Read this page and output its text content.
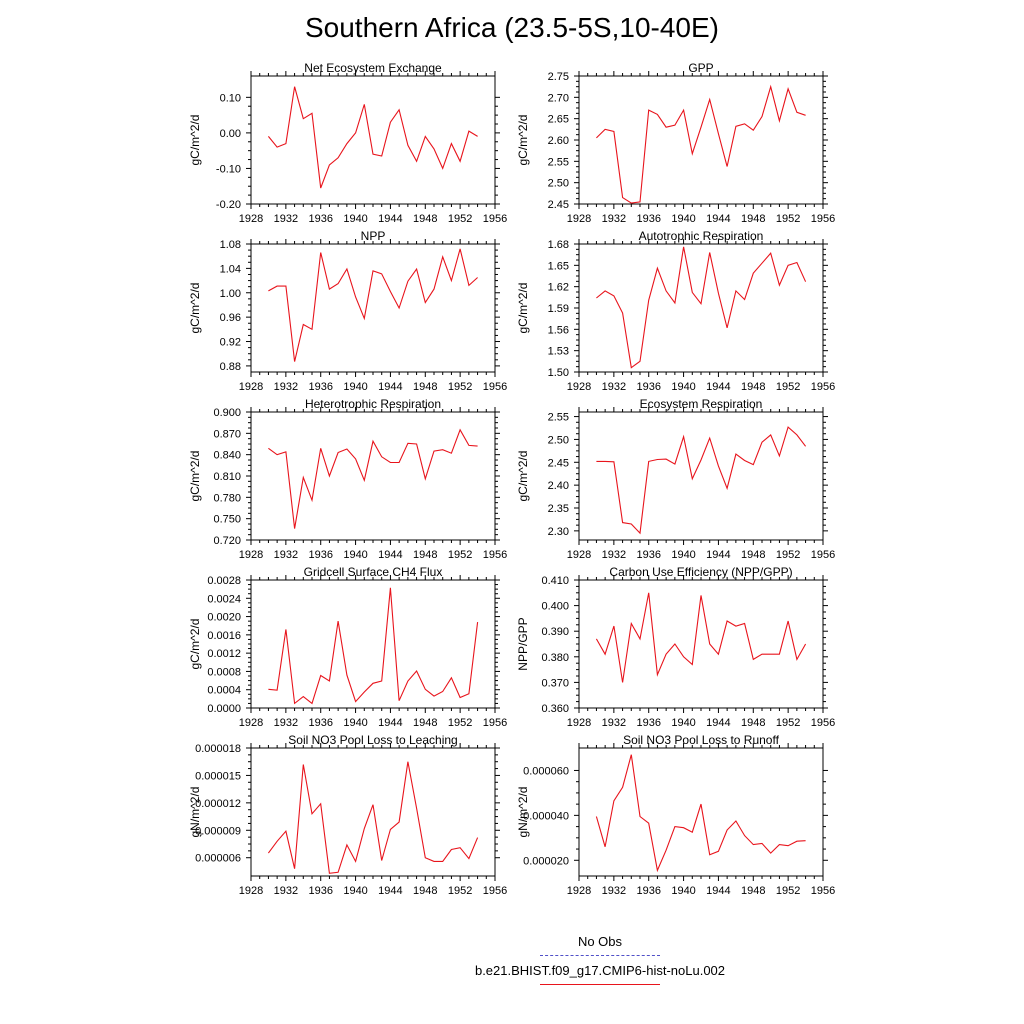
Southern Africa (23.5-5S,10-40E)
1928 1932 1936 1940 1944 1948 1952 1956
-0.20
-0.10
0.00
0.10
Net Ecosystem Exchange
gC/m^2/d
1928 1932 1936 1940 1944 1948 1952 1956
2.45
2.50
2.55
2.60
2.65
2.70
2.75
GPP
gC/m^2/d
1928 1932 1936 1940 1944 1948 1952 1956
0.88
0.92
0.96
1.00
1.04
1.08
NPP
gC/m^2/d
1928 1932 1936 1940 1944 1948 1952 1956
1.50
1.53
1.56
1.59
1.62
1.65
1.68
Autotrophic Respiration
gC/m^2/d
1928 1932 1936 1940 1944 1948 1952 1956
0.720
0.750
0.780
0.810
0.840
0.870
0.900
Heterotrophic Respiration
gC/m^2/d
1928 1932 1936 1940 1944 1948 1952 1956
2.30
2.35
2.40
2.45
2.50
2.55
Ecosystem Respiration
gC/m^2/d
1928 1932 1936 1940 1944 1948 1952 1956
0.0000
0.0004
0.0008
0.0012
0.0016
0.0020
0.0024
0.0028
Gridcell Surface CH4 Flux
gC/m^2/d
1928 1932 1936 1940 1944 1948 1952 1956
0.360
0.370
0.380
0.390
0.400
0.410
Carbon Use Efficiency (NPP/GPP)
NPP/GPP
1928 1932 1936 1940 1944 1948 1952 1956
0.000006
0.000009
0.000012
0.000015
0.000018
Soil NO3 Pool Loss to Leaching
gN/m^2/d
1928 1932 1936 1940 1944 1948 1952 1956
0.000020
0.000040
0.000060
Soil NO3 Pool Loss to Runoff
gN/m^2/d
No Obs
b.e21.BHIST.f09_g17.CMIP6-hist-noLu.002
